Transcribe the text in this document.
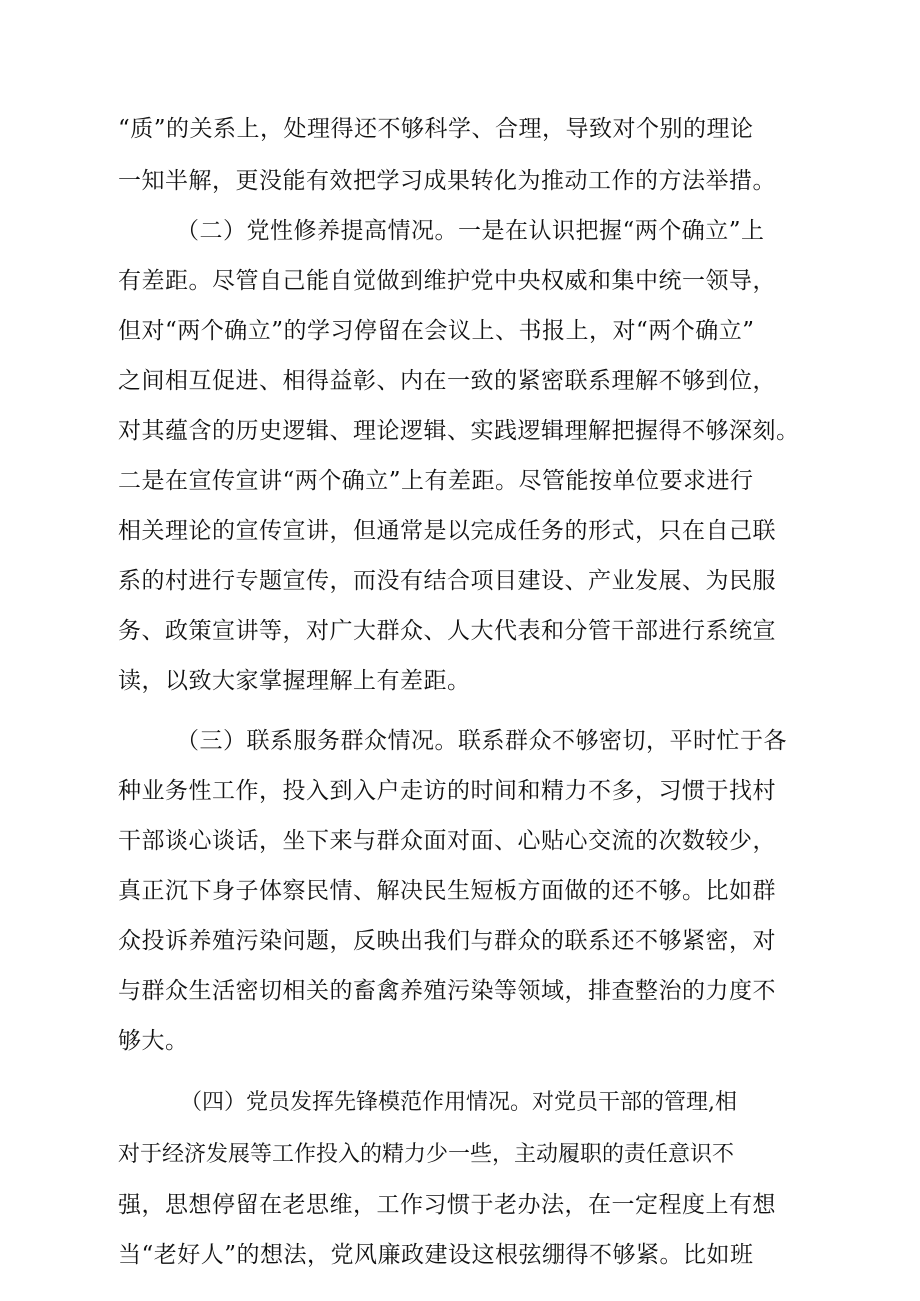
“质”的关系上，处理得还不够科学、合理，导致对个别的理论
一知半解，更没能有效把学习成果转化为推动工作的方法举措。
（二）党性修养提高情况。一是在认识把握“两个确立”上
有差距。尽管自己能自觉做到维护党中央权威和集中统一领导，
但对“两个确立”的学习停留在会议上、书报上，对“两个确立”
之间相互促进、相得益彰、内在一致的紧密联系理解不够到位，
对其蕴含的历史逻辑、理论逻辑、实践逻辑理解把握得不够深刻。
二是在宣传宣讲“两个确立”上有差距。尽管能按单位要求进行
相关理论的宣传宣讲，但通常是以完成任务的形式，只在自己联
系的村进行专题宣传，而没有结合项目建设、产业发展、为民服
务、政策宣讲等，对广大群众、人大代表和分管干部进行系统宣
读，以致大家掌握理解上有差距。
（三）联系服务群众情况。联系群众不够密切，平时忙于各
种业务性工作，投入到入户走访的时间和精力不多，习惯于找村
干部谈心谈话，坐下来与群众面对面、心贴心交流的次数较少，
真正沉下身子体察民情、解决民生短板方面做的还不够。比如群
众投诉养殖污染问题，反映出我们与群众的联系还不够紧密，对
与群众生活密切相关的畜禽养殖污染等领域，排查整治的力度不
够大。
（四）党员发挥先锋模范作用情况。对党员干部的管理,相
对于经济发展等工作投入的精力少一些，主动履职的责任意识不
强，思想停留在老思维，工作习惯于老办法，在一定程度上有想
当“老好人”的想法，党风廉政建设这根弦绷得不够紧。比如班
